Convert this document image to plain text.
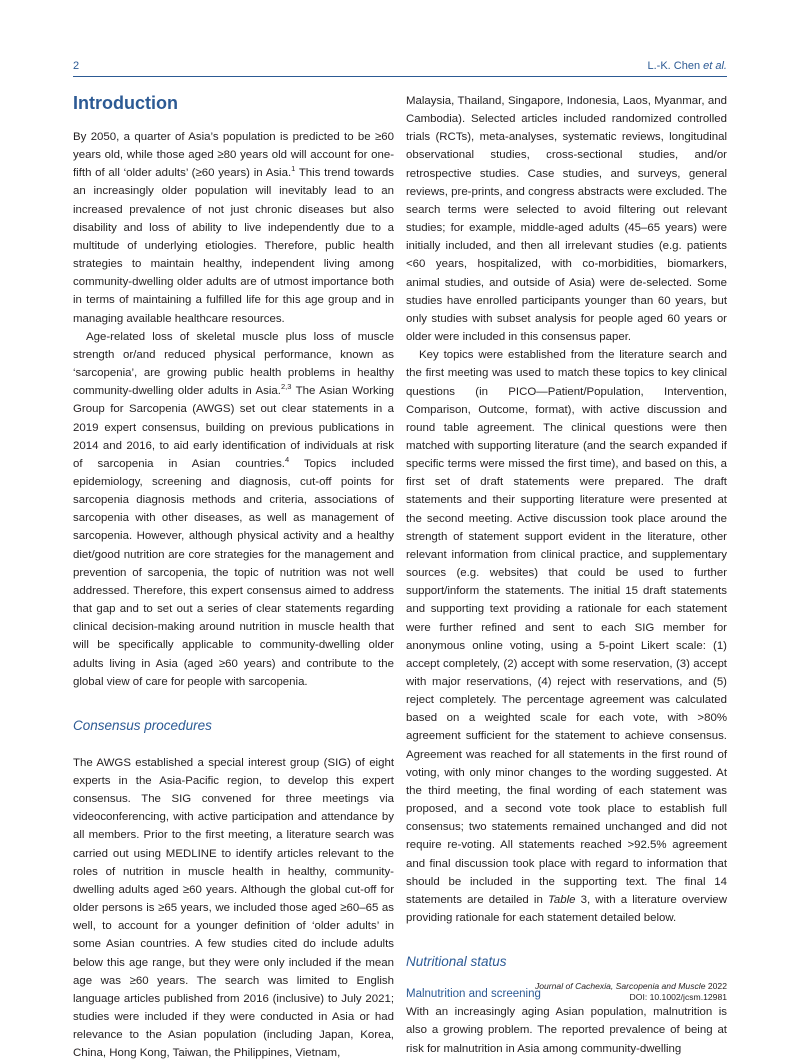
2	L.-K. Chen et al.
Introduction

By 2050, a quarter of Asia’s population is predicted to be ≥60 years old, while those aged ≥80 years old will account for one-fifth of all ‘older adults’ (≥60 years) in Asia.$^1$ This trend towards an increasingly older population will inevitably lead to an increased prevalence of not just chronic diseases but also disability and loss of ability to live independently due to a multitude of underlying etiologies. Therefore, public health strategies to maintain healthy, independent living among community-dwelling older adults are of utmost importance both in terms of maintaining a fulfilled life for this age group and in managing available healthcare resources.

Age-related loss of skeletal muscle plus loss of muscle strength or/and reduced physical performance, known as ‘sarcopenia’, are growing public health problems in healthy community-dwelling older adults in Asia.$^{2,3}$ The Asian Working Group for Sarcopenia (AWGS) set out clear statements in a 2019 expert consensus, building on previous publications in 2014 and 2016, to aid early identification of individuals at risk of sarcopenia in Asian countries.$^4$ Topics included epidemiology, screening and diagnosis, cut-off points for sarcopenia diagnosis methods and criteria, associations of sarcopenia with other diseases, as well as management of sarcopenia. However, although physical activity and a healthy diet/good nutrition are core strategies for the management and prevention of sarcopenia, the topic of nutrition was not well addressed. Therefore, this expert consensus aimed to address that gap and to set out a series of clear statements regarding clinical decision-making around nutrition in muscle health that will be specifically applicable to community-dwelling older adults living in Asia (aged ≥60 years) and contribute to the global view of care for people with sarcopenia.

Consensus procedures

The AWGS established a special interest group (SIG) of eight experts in the Asia-Pacific region, to develop this expert consensus. The SIG convened for three meetings via videoconferencing, with active participation and attendance by all members. Prior to the first meeting, a literature search was carried out using MEDLINE to identify articles relevant to the roles of nutrition in muscle health in healthy, community-dwelling adults aged ≥60 years. Although the global cut-off for older persons is ≥65 years, we included those aged ≥60–65 as well, to account for a younger definition of ‘older adults’ in some Asian countries. A few studies cited do include adults below this age range, but they were only included if the mean age was ≥60 years. The search was limited to English language articles published from 2016 (inclusive) to July 2021; studies were included if they were conducted in Asia or had relevance to the Asian population (including Japan, Korea, China, Hong Kong, Taiwan, the Philippines, Vietnam,

Malaysia, Thailand, Singapore, Indonesia, Laos, Myanmar, and Cambodia). Selected articles included randomized controlled trials (RCTs), meta-analyses, systematic reviews, longitudinal observational studies, cross-sectional studies, and/or retrospective studies. Case studies, and surveys, general reviews, pre-prints, and congress abstracts were excluded. The search terms were selected to avoid filtering out relevant studies; for example, middle-aged adults (45–65 years) were initially included, and then all irrelevant studies (e.g. patients <60 years, hospitalized, with co-morbidities, biomarkers, animal studies, and outside of Asia) were de-selected. Some studies have enrolled participants younger than 60 years, but only studies with subset analysis for people aged 60 years or older were included in this consensus paper.

Key topics were established from the literature search and the first meeting was used to match these topics to key clinical questions (in PICO—Patient/Population, Intervention, Comparison, Outcome, format), with active discussion and round table agreement. The clinical questions were then matched with supporting literature (and the search expanded if specific terms were missed the first time), and based on this, a first set of draft statements were prepared. The draft statements and their supporting literature were presented at the second meeting. Active discussion took place around the strength of statement support evident in the literature, other relevant information from clinical practice, and supplementary sources (e.g. websites) that could be used to further support/inform the statements. The initial 15 draft statements and supporting text providing a rationale for each statement were further refined and sent to each SIG member for anonymous online voting, using a 5-point Likert scale: (1) accept completely, (2) accept with some reservation, (3) accept with major reservations, (4) reject with reservations, and (5) reject completely. The percentage agreement was calculated based on a weighted scale for each vote, with >80% agreement sufficient for the statement to achieve consensus. Agreement was reached for all statements in the first round of voting, with only minor changes to the wording suggested. At the third meeting, the final wording of each statement was proposed, and a second vote took place to establish full consensus; two statements remained unchanged and did not require re-voting. All statements reached >92.5% agreement and final discussion took place with regard to information that should be included in the supporting text. The final 14 statements are detailed in Table 3, with a literature overview providing rationale for each statement detailed below.

Nutritional status
Malnutrition and screening

With an increasingly aging Asian population, malnutrition is also a growing problem. The reported prevalence of being at risk for malnutrition in Asia among community-dwelling

Journal of Cachexia, Sarcopenia and Muscle 2022
DOI: 10.1002/jcsm.12981
